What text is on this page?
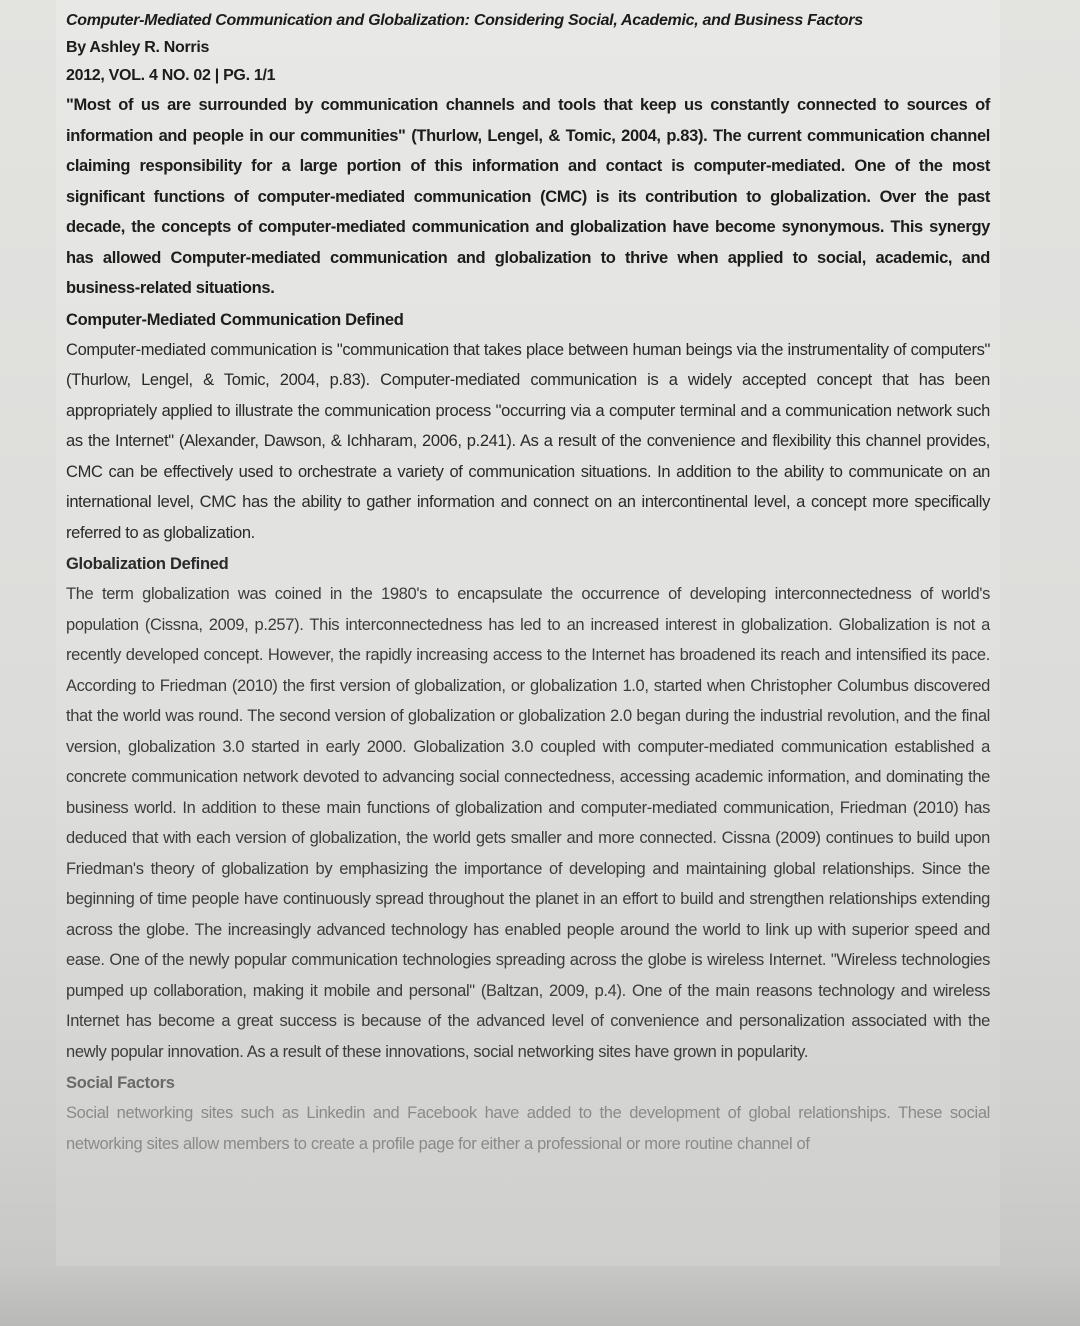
Computer-Mediated Communication and Globalization: Considering Social, Academic, and Business Factors
By Ashley R. Norris
2012, VOL. 4 NO. 02 | PG. 1/1

"Most of us are surrounded by communication channels and tools that keep us constantly connected to sources of information and people in our communities" (Thurlow, Lengel, & Tomic, 2004, p.83). The current communication channel claiming responsibility for a large portion of this information and contact is computer-mediated. One of the most significant functions of computer-mediated communication (CMC) is its contribution to globalization. Over the past decade, the concepts of computer-mediated communication and globalization have become synonymous. This synergy has allowed Computer-mediated communication and globalization to thrive when applied to social, academic, and business-related situations.

Computer-Mediated Communication Defined

Computer-mediated communication is "communication that takes place between human beings via the instrumentality of computers" (Thurlow, Lengel, & Tomic, 2004, p.83). Computer-mediated communication is a widely accepted concept that has been appropriately applied to illustrate the communication process "occurring via a computer terminal and a communication network such as the Internet" (Alexander, Dawson, & Ichharam, 2006, p.241). As a result of the convenience and flexibility this channel provides, CMC can be effectively used to orchestrate a variety of communication situations. In addition to the ability to communicate on an international level, CMC has the ability to gather information and connect on an intercontinental level, a concept more specifically referred to as globalization.

Globalization Defined

The term globalization was coined in the 1980's to encapsulate the occurrence of developing interconnectedness of world's population (Cissna, 2009, p.257). This interconnectedness has led to an increased interest in globalization. Globalization is not a recently developed concept. However, the rapidly increasing access to the Internet has broadened its reach and intensified its pace. According to Friedman (2010) the first version of globalization, or globalization 1.0, started when Christopher Columbus discovered that the world was round. The second version of globalization or globalization 2.0 began during the industrial revolution, and the final version, globalization 3.0 started in early 2000. Globalization 3.0 coupled with computer-mediated communication established a concrete communication network devoted to advancing social connectedness, accessing academic information, and dominating the business world. In addition to these main functions of globalization and computer-mediated communication, Friedman (2010) has deduced that with each version of globalization, the world gets smaller and more connected. Cissna (2009) continues to build upon Friedman's theory of globalization by emphasizing the importance of developing and maintaining global relationships. Since the beginning of time people have continuously spread throughout the planet in an effort to build and strengthen relationships extending across the globe. The increasingly advanced technology has enabled people around the world to link up with superior speed and ease. One of the newly popular communication technologies spreading across the globe is wireless Internet. "Wireless technologies pumped up collaboration, making it mobile and personal" (Baltzan, 2009, p.4). One of the main reasons technology and wireless Internet has become a great success is because of the advanced level of convenience and personalization associated with the newly popular innovation. As a result of these innovations, social networking sites have grown in popularity.

Social Factors

Social networking sites such as Linkedin and Facebook have added to the development of global relationships. These social networking sites allow members to create a profile page for either a professional or more routine channel of
